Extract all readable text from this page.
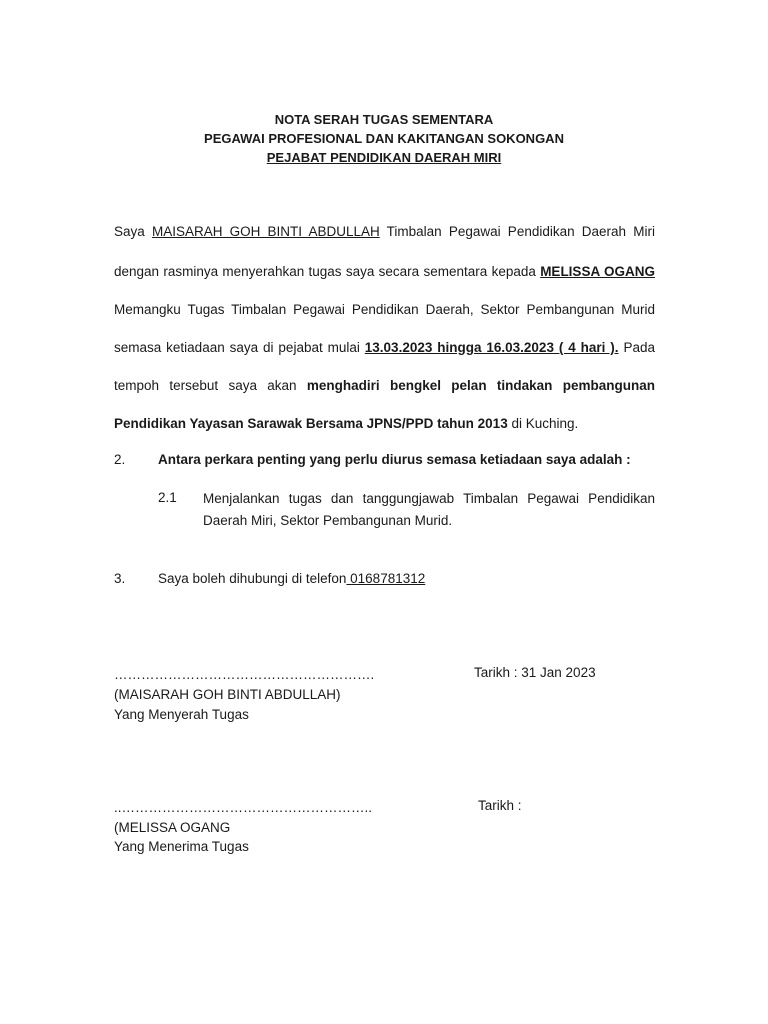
NOTA SERAH TUGAS SEMENTARA
PEGAWAI PROFESIONAL DAN KAKITANGAN SOKONGAN
PEJABAT PENDIDIKAN DAERAH MIRI
Saya MAISARAH GOH BINTI ABDULLAH Timbalan Pegawai Pendidikan Daerah Miri
dengan rasminya menyerahkan tugas saya secara sementara kepada MELISSA OGANG
Memangku Tugas Timbalan Pegawai Pendidikan Daerah, Sektor Pembangunan Murid
semasa ketiadaan saya di pejabat mulai 13.03.2023 hingga 16.03.2023 ( 4 hari ). Pada
tempoh tersebut saya akan menghadiri bengkel pelan tindakan pembangunan
Pendidikan Yayasan Sarawak Bersama JPNS/PPD tahun 2013 di Kuching.
2. Antara perkara penting yang perlu diurus semasa ketiadaan saya adalah :
2.1 Menjalankan tugas dan tanggungjawab Timbalan Pegawai Pendidikan Daerah Miri, Sektor Pembangunan Murid.
3. Saya boleh dihubungi di telefon 0168781312
………………………………………………….
(MAISARAH GOH BINTI ABDULLAH)
Yang Menyerah Tugas
Tarikh : 31 Jan 2023
..………………………………………………..
(MELISSA OGANG
Yang Menerima Tugas
Tarikh :
